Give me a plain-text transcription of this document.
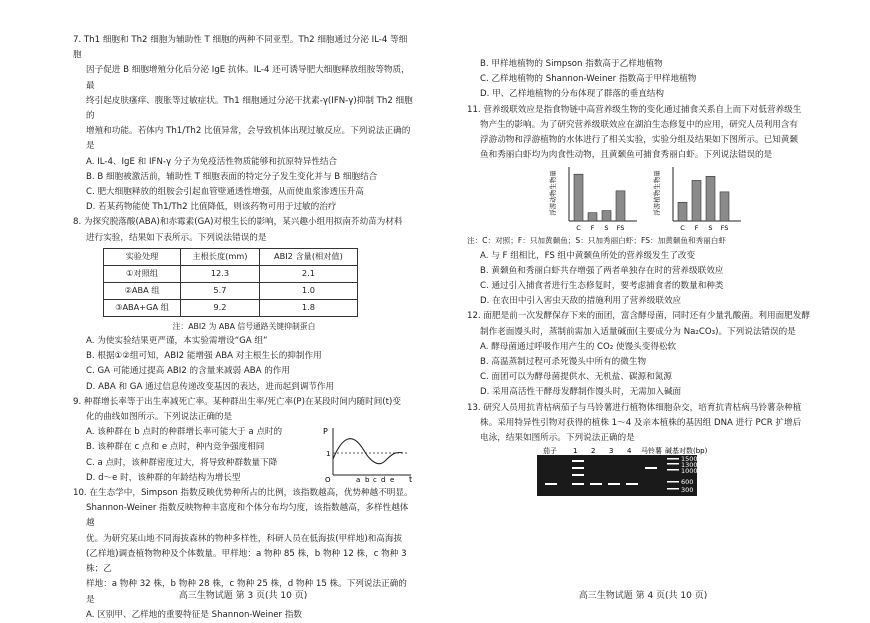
7. Th1 细胞和 Th2 细胞为辅助性 T 细胞的两种不同亚型。Th2 细胞通过分泌 IL-4 等细胞

因子促进 B 细胞增殖分化后分泌 IgE 抗体。IL-4 还可诱导肥大细胞释放组胺等物质，最

终引起皮肤瘙痒、腹胀等过敏症状。Th1 细胞通过分泌干扰素-γ(IFN-γ)抑制 Th2 细胞的

增殖和功能。若体内 Th1/Th2 比值异常，会导致机体出现过敏反应。下列说法正确的是

A. IL-4、IgE 和 IFN-γ 分子为免疫活性物质能够和抗原特异性结合

B. B 细胞被激活前，辅助性 T 细胞表面的特定分子发生变化并与 B 细胞结合

C. 肥大细胞释放的组胺会引起血管壁通透性增强，从而使血浆渗透压升高

D. 若某药物能使 Th1/Th2 比值降低，则该药物可用于过敏的治疗

8. 为探究脱落酸(ABA)和赤霉素(GA)对根生长的影响，某兴趣小组用拟南芥幼苗为材料

进行实验，结果如下表所示。下列说法错误的是

实验处理	主根长度(mm)	ABI2 含量(相对值)
①对照组	12.3	2.1
②ABA 组	5.7	1.0
③ABA+GA 组	9.2	1.8

注：ABI2 为 ABA 信号通路关键抑制蛋白

A. 为使实验结果更严谨，本实验需增设“GA 组”

B. 根据①②组可知，ABI2 能增强 ABA 对主根生长的抑制作用

C. GA 可能通过提高 ABI2 的含量来减弱 ABA 的作用

D. ABA 和 GA 通过信息传递改变基因的表达，进而起到调节作用

9. 种群增长率等于出生率减死亡率。某种群出生率/死亡率(P)在某段时间内随时间(t)变

化的曲线如图所示。下列说法正确的是

A. 该种群在 b 点时的种群增长率可能大于 a 点时的

B. 该种群在 c 点和 e 点时，种内竞争强度相同

C. a 点时，该种群密度过大，将导致种群数量下降

D. d～e 时，该种群的年龄结构为增长型

P
t
O
1
a b c d e

10. 在生态学中，Simpson 指数反映优势种所占的比例，该指数越高，优势种越不明显。

Shannon-Weiner 指数反映物种丰富度和个体分布均匀度，该指数越高，多样性越体越

优。为研究某山地不同海拔森林的物种多样性，科研人员在低海拔(甲样地)和高海拔

(乙样地)调查植物物种及个体数量。甲样地：a 物种 85 株，b 物种 12 株，c 物种 3 株；乙

样地：a 物种 32 株，b 物种 28 株，c 物种 25 株，d 物种 15 株。下列说法正确的是

A. 区别甲、乙样地的重要特征是 Shannon-Weiner 指数

高三生物试题 第 3 页(共 10 页)

B. 甲样地植物的 Simpson 指数高于乙样地植物

C. 乙样地植物的 Shannon-Weiner 指数高于甲样地植物

D. 甲、乙样地植物的分布体现了群落的垂直结构

11. 营养级联效应是指食物链中高营养级生物的变化通过捕食关系自上而下对低营养级生

物产生的影响。为了研究营养级联效应在湖泊生态修复中的应用，研究人员利用含有

浮游动物和浮游植物的水体进行了相关实验，实验分组及结果如下图所示。已知黄颡

鱼和秀丽白虾均为肉食性动物，且黄颡鱼可捕食秀丽白虾。下列说法错误的是

浮游动物生物量
C F S FS
浮游植物生物量
C F S FS

注：C：对照；F：只加黄颡鱼；S：只加秀丽白虾；FS：加黄颡鱼和秀丽白虾

A. 与 F 组相比，FS 组中黄颡鱼所处的营养级发生了改变

B. 黄颡鱼和秀丽白虾共存增强了两者单独存在时的营养级联效应

C. 通过引入捕食者进行生态修复时，要考虑捕食者的数量和种类

D. 在农田中引入害虫天敌的措施利用了营养级联效应

12. 面肥是前一次发酵保存下来的面团，富含酵母菌，同时还有少量乳酸菌。利用面肥发酵

制作老面馒头时，蒸制前需加入适量碱面(主要成分为 Na₂CO₃)。下列说法错误的是

A. 酵母菌通过呼吸作用产生的 CO₂ 使馒头变得松软

B. 高温蒸制过程可杀死馒头中所有的微生物

C. 面团可以为酵母菌提供水、无机盐、碳源和氮源

D. 采用高活性干酵母发酵制作馒头时，无需加入碱面

13. 研究人员用抗青枯病茄子与马铃薯进行植物体细胞杂交，培育抗青枯病马铃薯杂种植

株。采用特异性引物对获得的植株 1～4 及亲本植株的基因组 DNA 进行 PCR 扩增后

电泳，结果如图所示。下列说法正确的是

茄子 1 2 3 4 马铃薯 碱基对数(bp)
1500
1300
1000
600
300
高三生物试题 第 4 页(共 10 页)
